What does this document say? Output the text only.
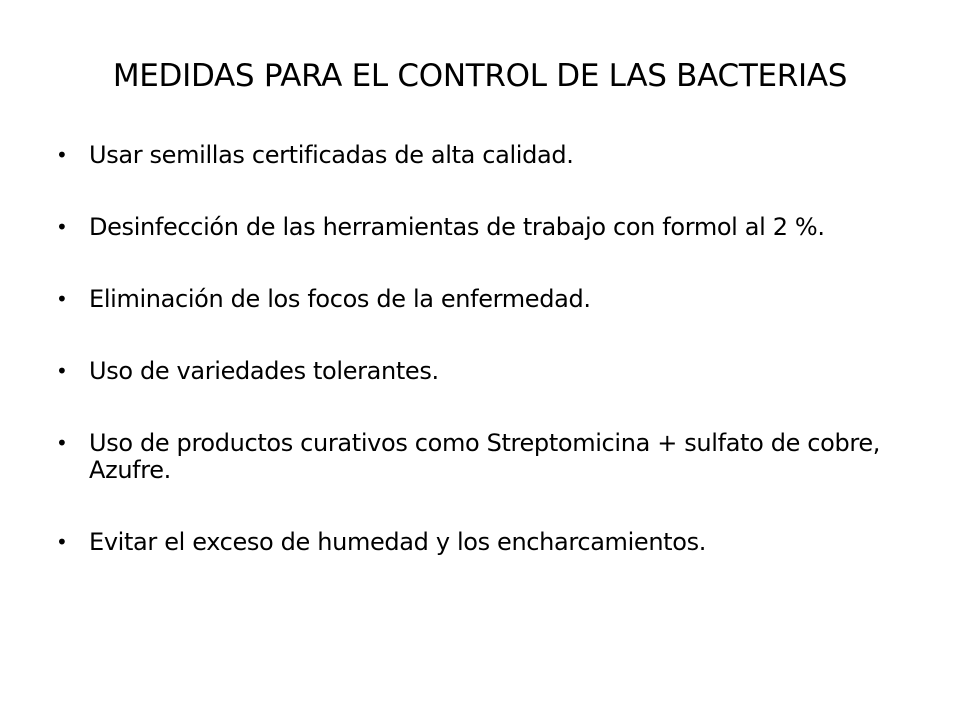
MEDIDAS PARA EL CONTROL DE LAS BACTERIAS
• Usar semillas certificadas de alta calidad.
• Desinfección de las herramientas de trabajo con formol al 2 %.
• Eliminación de los focos de la enfermedad.
• Uso de variedades tolerantes.
• Uso de productos curativos como Streptomicina + sulfato de cobre, Azufre.
• Evitar el exceso de humedad y los encharcamientos.
